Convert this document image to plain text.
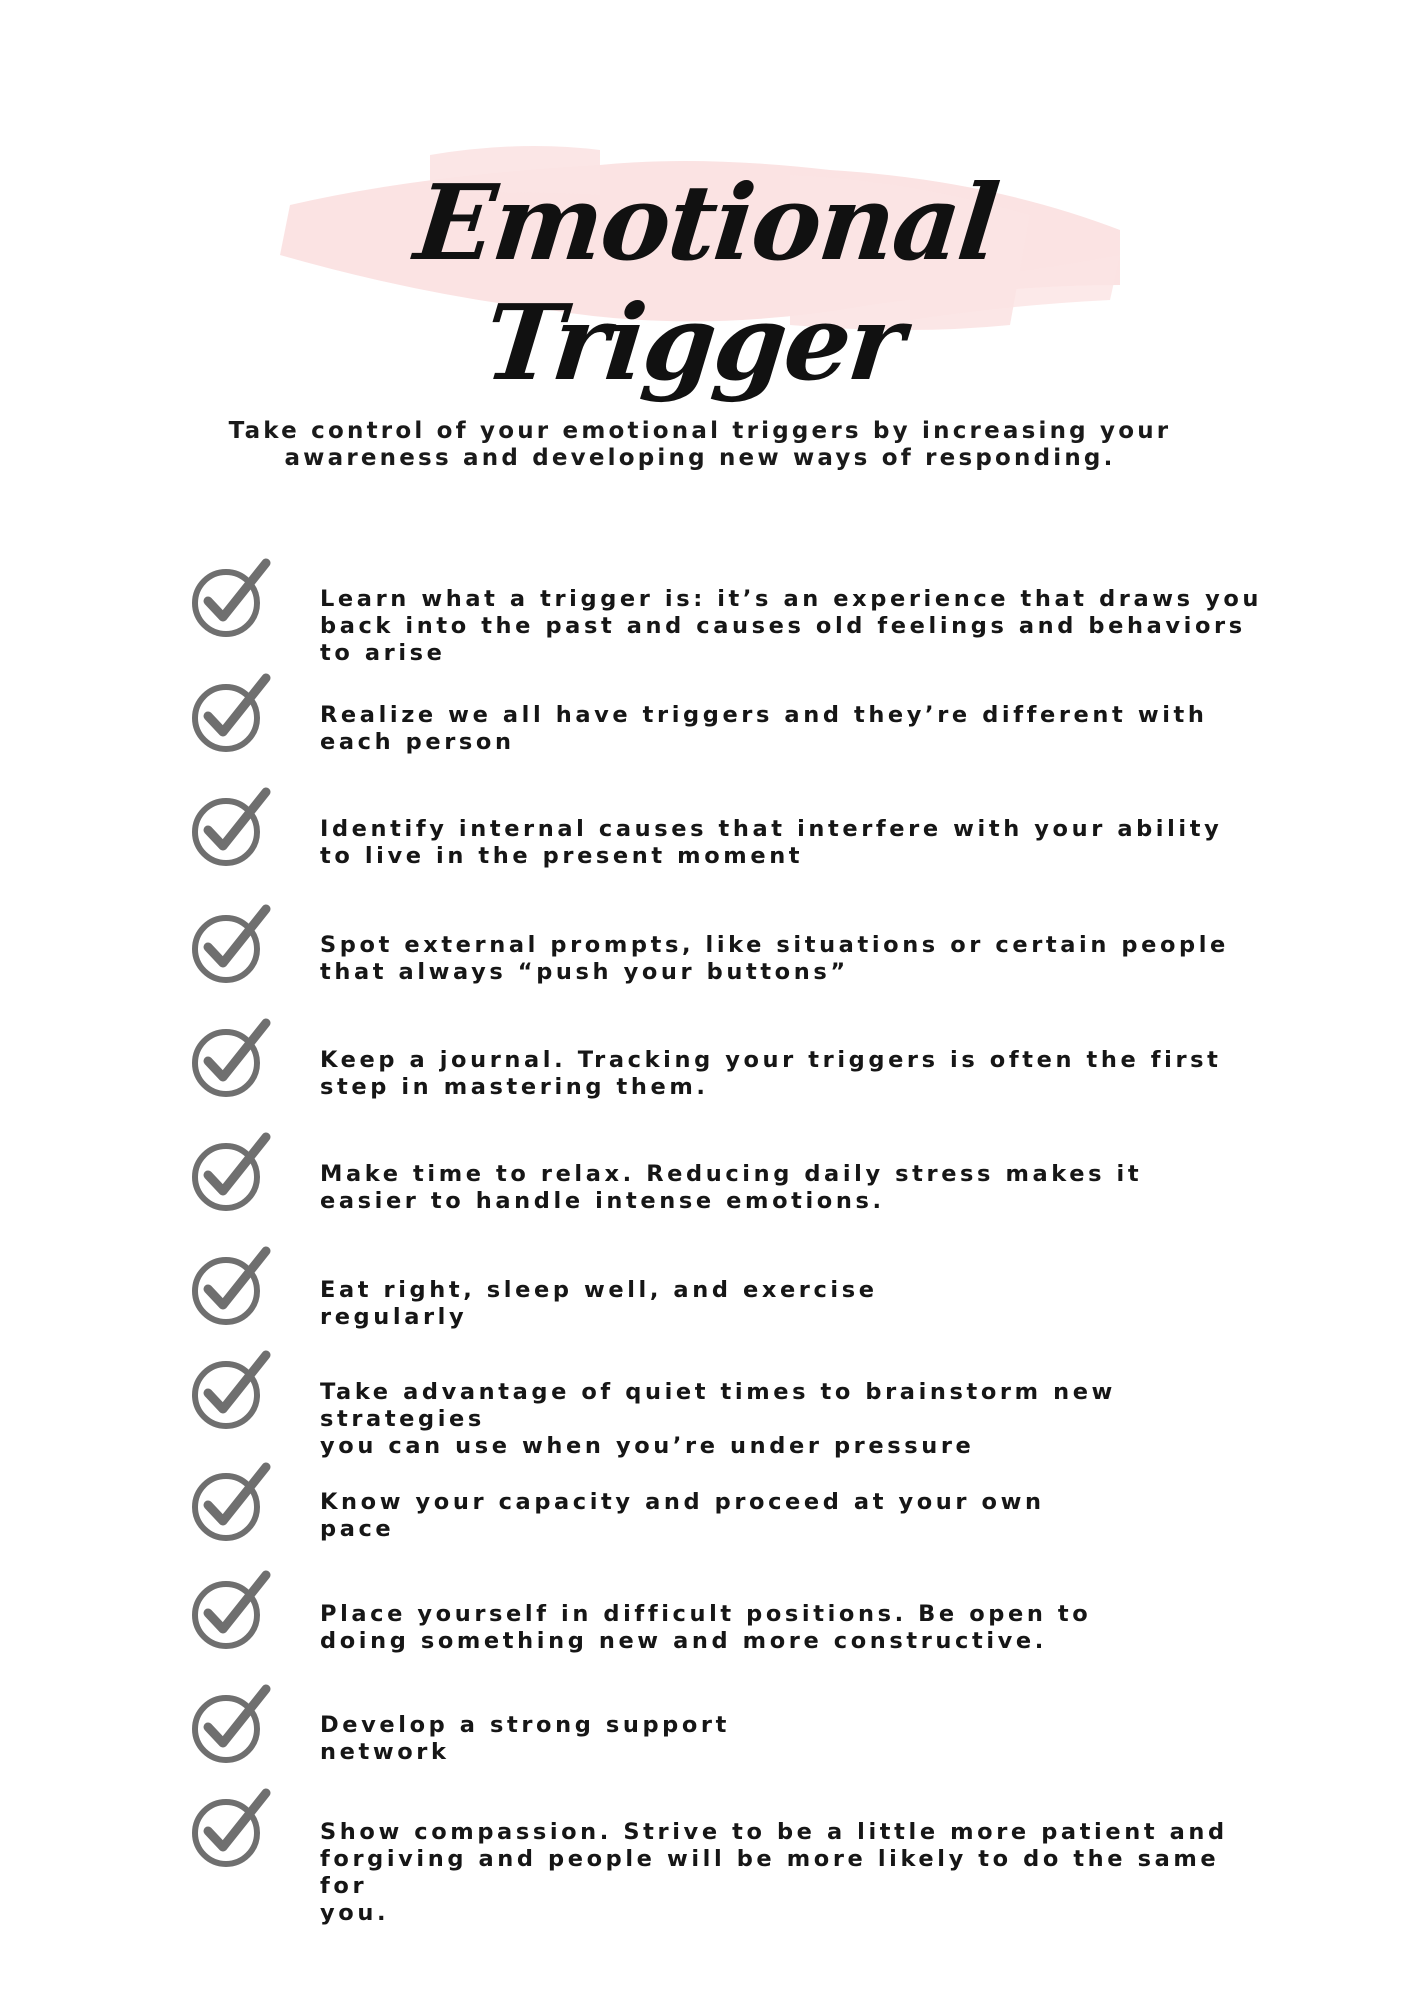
Emotional Trigger
Take control of your emotional triggers by increasing your
awareness and developing new ways of responding.
Learn what a trigger is: it’s an experience that draws you
back into the past and causes old feelings and behaviors
to arise
Realize we all have triggers and they’re different with
each person
Identify internal causes that interfere with your ability
to live in the present moment
Spot external prompts, like situations or certain people
that always “push your buttons”
Keep a journal. Tracking your triggers is often the first
step in mastering them.
Make time to relax. Reducing daily stress makes it
easier to handle intense emotions.
Eat right, sleep well, and exercise
regularly
Take advantage of quiet times to brainstorm new strategies
you can use when you’re under pressure
Know your capacity and proceed at your own
pace
Place yourself in difficult positions. Be open to
doing something new and more constructive.
Develop a strong support
network
Show compassion. Strive to be a little more patient and
forgiving and people will be more likely to do the same for
you.
